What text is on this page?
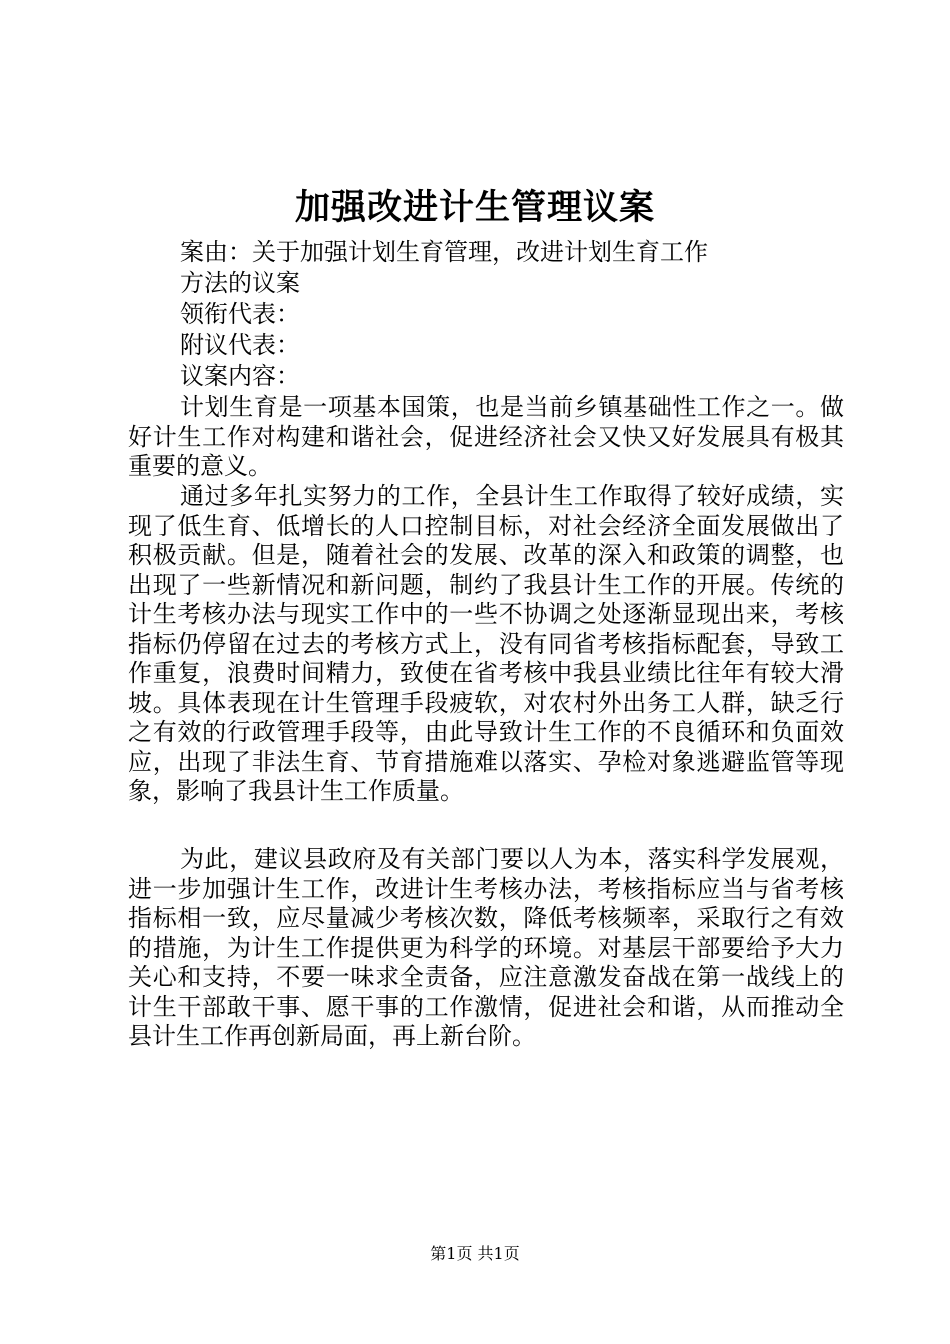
加强改进计生管理议案
案由：关于加强计划生育管理，改进计划生育工作
方法的议案
领衔代表：
附议代表：
议案内容：

计划生育是一项基本国策，也是当前乡镇基础性工作之一。做好计生工作对构建和谐社会，促进经济社会又快又好发展具有极其重要的意义。

通过多年扎实努力的工作，全县计生工作取得了较好成绩，实现了低生育、低增长的人口控制目标，对社会经济全面发展做出了积极贡献。但是，随着社会的发展、改革的深入和政策的调整，也出现了一些新情况和新问题，制约了我县计生工作的开展。传统的计生考核办法与现实工作中的一些不协调之处逐渐显现出来，考核指标仍停留在过去的考核方式上，没有同省考核指标配套，导致工作重复，浪费时间精力，致使在省考核中我县业绩比往年有较大滑坡。具体表现在计生管理手段疲软，对农村外出务工人群，缺乏行之有效的行政管理手段等，由此导致计生工作的不良循环和负面效应，出现了非法生育、节育措施难以落实、孕检对象逃避监管等现象，影响了我县计生工作质量。

为此，建议县政府及有关部门要以人为本，落实科学发展观，进一步加强计生工作，改进计生考核办法，考核指标应当与省考核指标相一致，应尽量减少考核次数，降低考核频率，采取行之有效的措施，为计生工作提供更为科学的环境。对基层干部要给予大力关心和支持，不要一味求全责备，应注意激发奋战在第一战线上的计生干部敢干事、愿干事的工作激情，促进社会和谐，从而推动全县计生工作再创新局面，再上新台阶。

第1页 共1页
